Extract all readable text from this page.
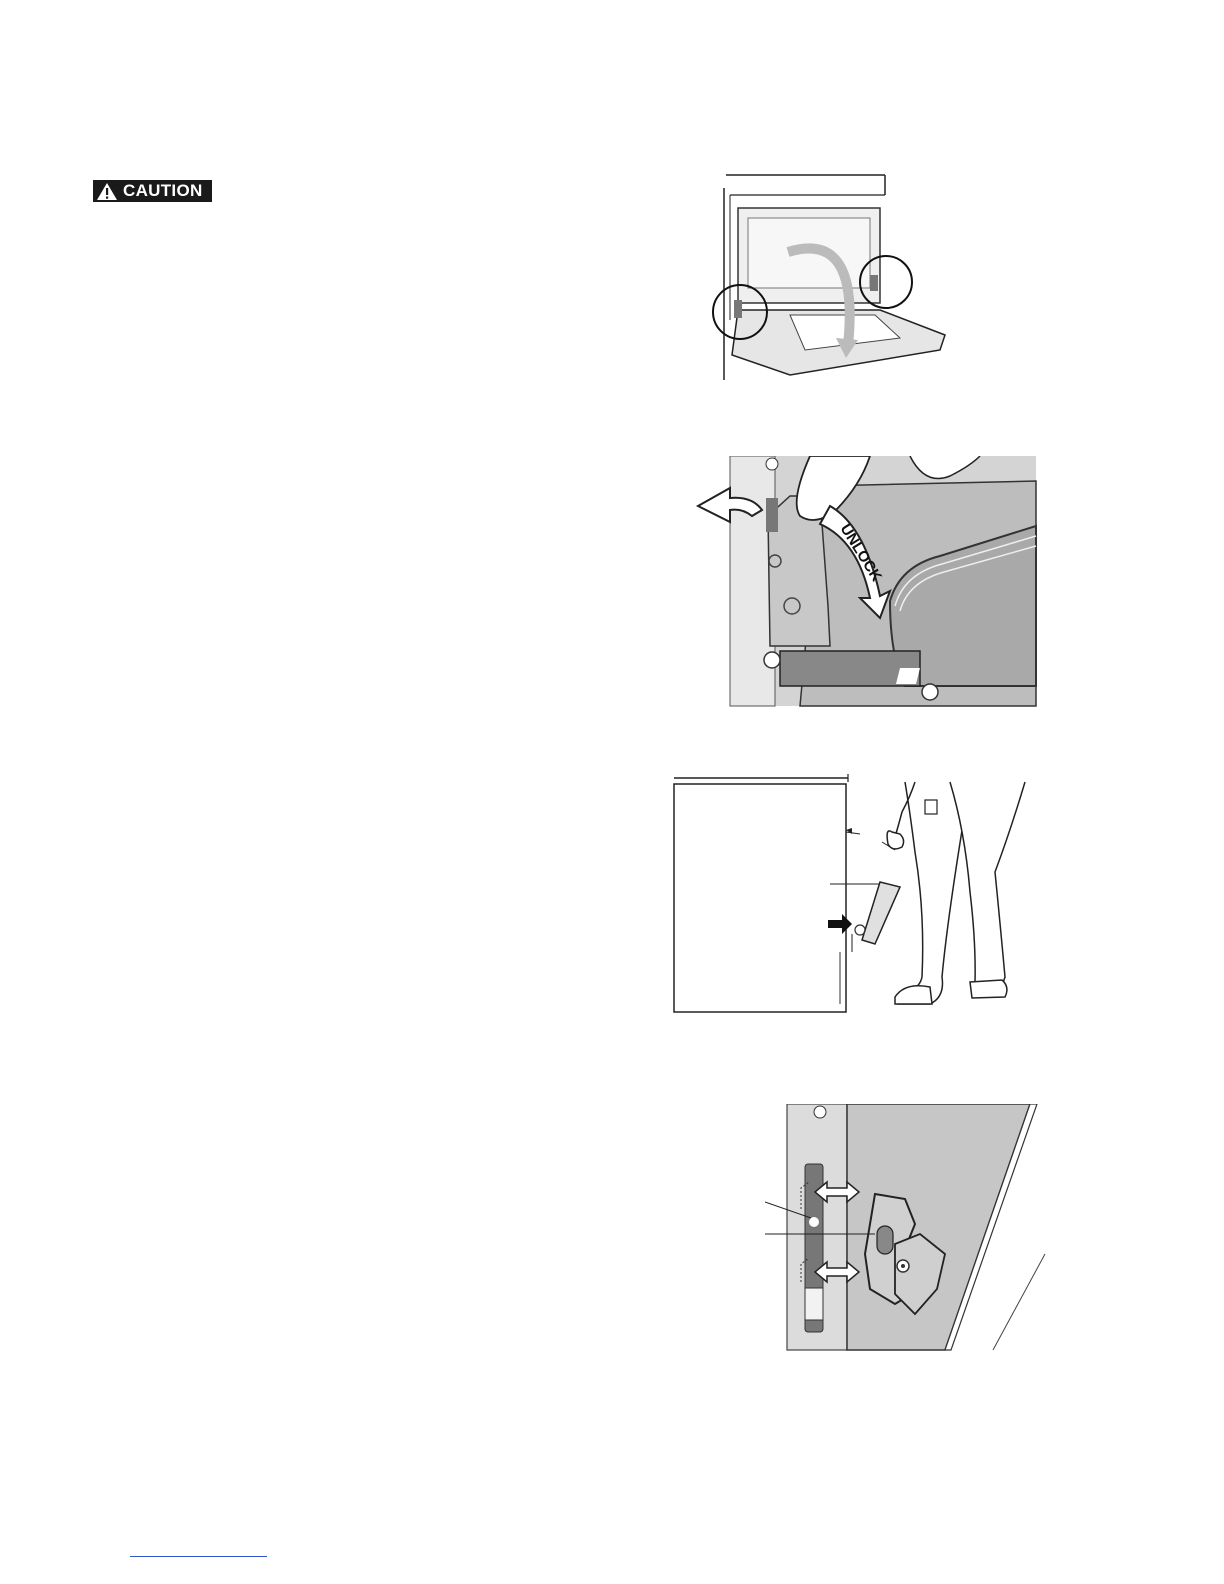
CAUTION
UNLOCK
